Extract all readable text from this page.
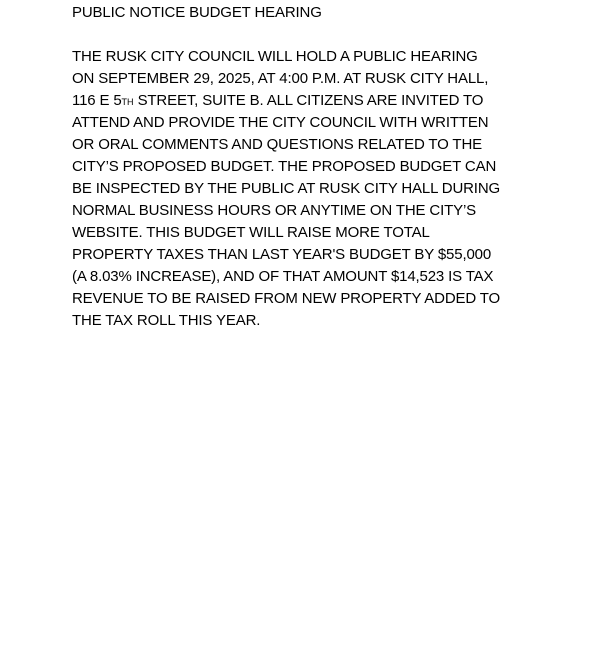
PUBLIC NOTICE BUDGET HEARING
THE RUSK CITY COUNCIL WILL HOLD A PUBLIC HEARING
ON SEPTEMBER 29, 2025, AT 4:00 P.M. AT RUSK CITY HALL,
116 E 5TH STREET, SUITE B. ALL CITIZENS ARE INVITED TO
ATTEND AND PROVIDE THE CITY COUNCIL WITH WRITTEN
OR ORAL COMMENTS AND QUESTIONS RELATED TO THE
CITY’S PROPOSED BUDGET. THE PROPOSED BUDGET CAN
BE INSPECTED BY THE PUBLIC AT RUSK CITY HALL DURING
NORMAL BUSINESS HOURS OR ANYTIME ON THE CITY’S
WEBSITE. THIS BUDGET WILL RAISE MORE TOTAL
PROPERTY TAXES THAN LAST YEAR'S BUDGET BY $55,000
(A 8.03% INCREASE), AND OF THAT AMOUNT $14,523 IS TAX
REVENUE TO BE RAISED FROM NEW PROPERTY ADDED TO
THE TAX ROLL THIS YEAR.
